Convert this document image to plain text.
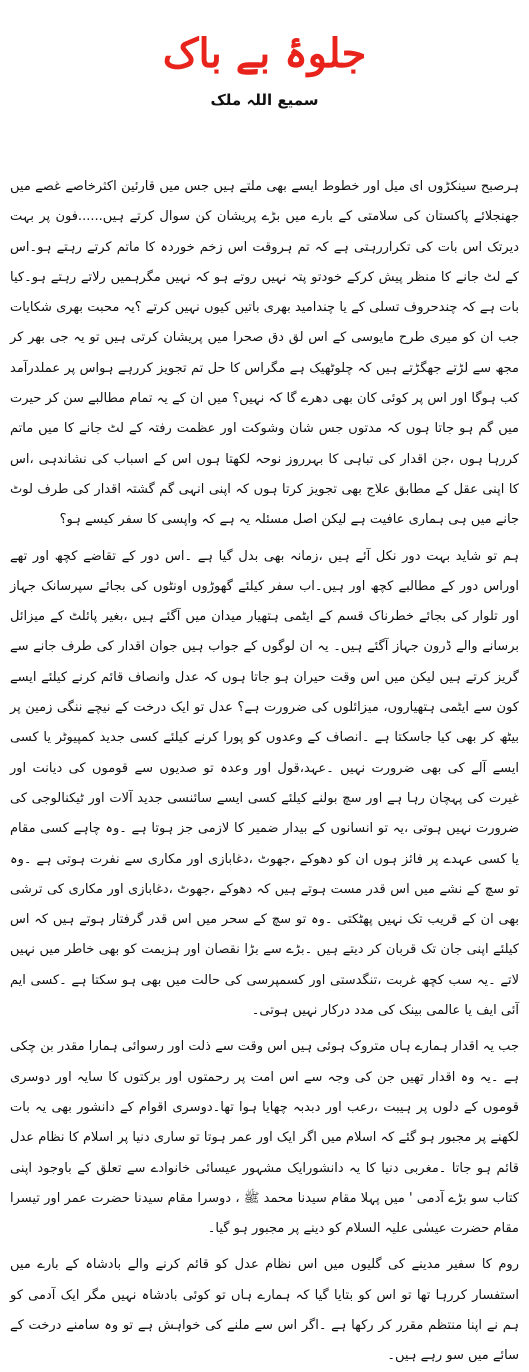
جلوۂ بے باک
سمیع اللہ ملک

ہرصبح سینکڑوں ای میل اور خطوط ایسے بھی ملتے ہیں جس میں قارئین اکثرخاصے غصے میں جھنجلائے پاکستان کی سلامتی کے بارے میں بڑے پریشان کن سوال کرتے ہیں......فون پر بہت دیرتک اس بات کی تکراررہتی ہے کہ تم ہروقت اس زخم خوردہ کا ماتم کرتے رہتے ہو۔اس کے لٹ جانے کا منظر پیش کرکے خودتو پتہ نہیں روتے ہو کہ نہیں مگرہمیں رلاتے رہتے ہو۔کیا بات ہے کہ چندحروف تسلی کے یا چندامید بھری باتیں کیوں نہیں کرتے ؟یہ محبت بھری شکایات جب ان کو میری طرح مایوسی کے اس لق دق صحرا میں پریشان کرتی ہیں تو یہ جی بھر کر مجھ سے لڑتے جھگڑتے ہیں کہ چلوٹھیک ہے مگراس کا حل تم تجویز کررہے ہواس پر عملدرآمد کب ہوگا اور اس پر کوئی کان بھی دھرے گا کہ نہیں؟ میں ان کے یہ تمام مطالبے سن کر حیرت میں گم ہو جاتا ہوں کہ مدتوں جس شان وشوکت اور عظمت رفتہ کے لٹ جانے کا میں ماتم کررہا ہوں ،جن اقدار کی تباہی کا بہرروز نوحہ لکھتا ہوں اس کے اسباب کی نشاندہی ،اس کا اپنی عقل کے مطابق علاج بھی تجویز کرتا ہوں کہ اپنی انہی گم گشتہ اقدار کی طرف لوٹ جانے میں ہی ہماری عافیت ہے لیکن اصل مسئلہ یہ ہے کہ واپسی کا سفر کیسے ہو؟

ہم تو شاید بہت دور نکل آئے ہیں ،زمانہ بھی بدل گیا ہے ۔اس دور کے تقاضے کچھ اور تھے اوراس دور کے مطالبے کچھ اور ہیں۔اب سفر کیلئے گھوڑوں اونٹوں کی بجائے سپرسانک جہاز اور تلوار کی بجائے خطرناک قسم کے ایٹمی ہتھیار میدان میں آگئے ہیں ،بغیر پائلٹ کے میزائل برسانے والے ڈرون جہاز آگئے ہیں۔ یہ ان لوگوں کے جواب ہیں جوان اقدار کی طرف جانے سے گریز کرتے ہیں لیکن میں اس وقت حیران ہو جاتا ہوں کہ عدل وانصاف قائم کرنے کیلئے ایسے کون سے ایٹمی ہتھیاروں، میزائلوں کی ضرورت ہے؟ عدل تو ایک درخت کے نیچے ننگی زمین پر بیٹھ کر بھی کیا جاسکتا ہے ۔انصاف کے وعدوں کو پورا کرنے کیلئے کسی جدید کمپیوٹر یا کسی ایسے آلے کی بھی ضرورت نہیں ۔عہد،قول اور وعدہ تو صدیوں سے قوموں کی دیانت اور غیرت کی پہچان رہا ہے اور سچ بولنے کیلئے کسی ایسے سائنسی جدید آلات اور ٹیکنالوجی کی ضرورت نہیں ہوتی ،یہ تو انسانوں کے بیدار ضمیر کا لازمی جز ہوتا ہے ۔وہ چاہے کسی مقام یا کسی عہدے پر فائز ہوں ان کو دھوکے ،جھوٹ ،دغابازی اور مکاری سے نفرت ہوتی ہے ۔وہ تو سچ کے نشے میں اس قدر مست ہوتے ہیں کہ دھوکے ،جھوٹ ،دغابازی اور مکاری کی ترشی بھی ان کے قریب تک نہیں پھٹکتی ۔وہ تو سچ کے سحر میں اس قدر گرفتار ہوتے ہیں کہ اس کیلئے اپنی جان تک قربان کر دیتے ہیں ۔بڑے سے بڑا نقصان اور ہزیمت کو بھی خاطر میں نہیں لاتے ۔یہ سب کچھ غربت ،تنگدستی اور کسمپرسی کی حالت میں بھی ہو سکتا ہے ۔کسی ایم آئی ایف یا عالمی بینک کی مدد درکار نہیں ہوتی۔

جب یہ اقدار ہمارے ہاں متروک ہوئی ہیں اس وقت سے ذلت اور رسوائی ہمارا مقدر بن چکی ہے ۔یہ وہ اقدار تھیں جن کی وجہ سے اس امت پر رحمتوں اور برکتوں کا سایہ اور دوسری قوموں کے دلوں پر ہیبت ،رعب اور دبدبہ چھایا ہوا تھا۔دوسری اقوام کے دانشور بھی یہ بات لکھنے پر مجبور ہو گئے کہ اسلام میں اگر ایک اور عمر ہوتا تو ساری دنیا پر اسلام کا نظام عدل قائم ہو جاتا ۔مغربی دنیا کا یہ دانشورایک مشہور عیسائی خانوادے سے تعلق کے باوجود اپنی کتاب سو بڑے آدمی ' میں پہلا مقام سیدنا محمد ﷺ ، دوسرا مقام سیدنا حضرت عمر اور تیسرا مقام حضرت عیسٰی علیہ السلام کو دینے پر مجبور ہو گیا۔

روم کا سفیر مدینے کی گلیوں میں اس نظام عدل کو قائم کرنے والے بادشاہ کے بارے میں استفسار کررہا تھا تو اس کو بتایا گیا کہ ہمارے ہاں تو کوئی بادشاہ نہیں مگر ایک آدمی کو ہم نے اپنا منتظم مقرر کر رکھا ہے ۔اگر اس سے ملنے کی خواہش ہے تو وہ سامنے درخت کے سائے میں سو رہے ہیں۔
